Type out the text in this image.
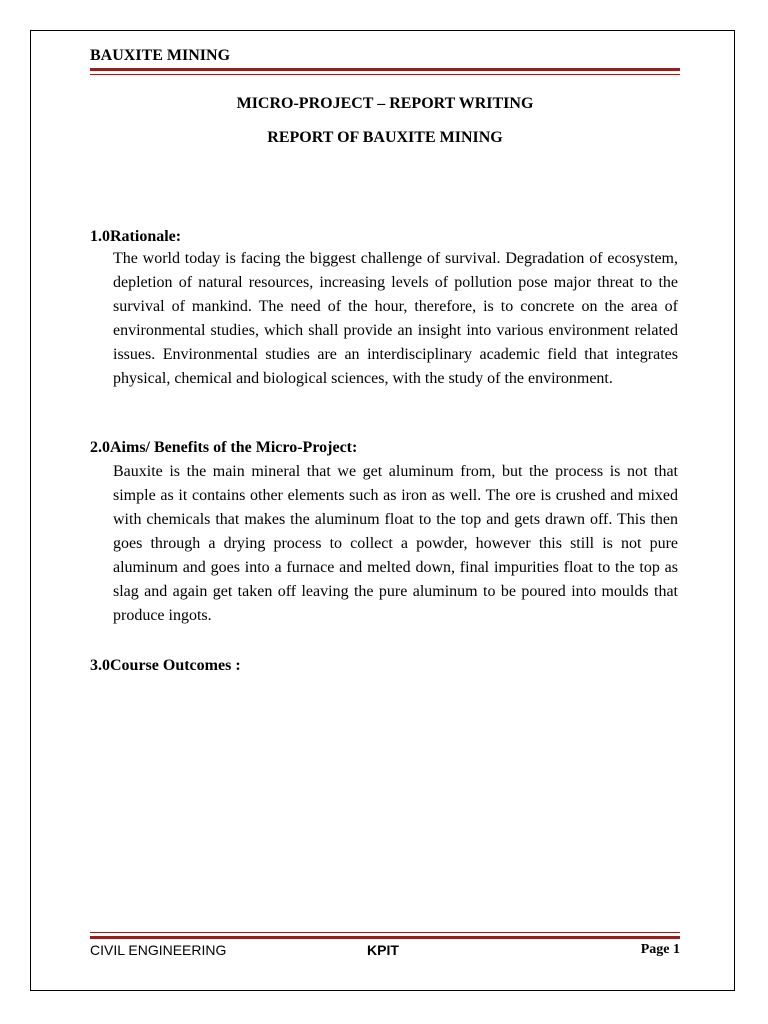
BAUXITE MINING
MICRO-PROJECT – REPORT WRITING
REPORT OF BAUXITE MINING
1.0Rationale:
The world today is facing the biggest challenge of survival. Degradation of ecosystem, depletion of natural resources, increasing levels of pollution pose major threat to the survival of mankind. The need of the hour, therefore, is to concrete on the area of environmental studies, which shall provide an insight into various environment related issues. Environmental studies are an interdisciplinary academic field that integrates physical, chemical and biological sciences, with the study of the environment.
2.0Aims/ Benefits of the Micro-Project:
Bauxite is the main mineral that we get aluminum from, but the process is not that simple as it contains other elements such as iron as well. The ore is crushed and mixed with chemicals that makes the aluminum float to the top and gets drawn off. This then goes through a drying process to collect a powder, however this still is not pure aluminum and goes into a furnace and melted down, final impurities float to the top as slag and again get taken off leaving the pure aluminum to be poured into moulds that produce ingots.
3.0Course Outcomes :
CIVIL ENGINEERING	KPIT	Page 1
